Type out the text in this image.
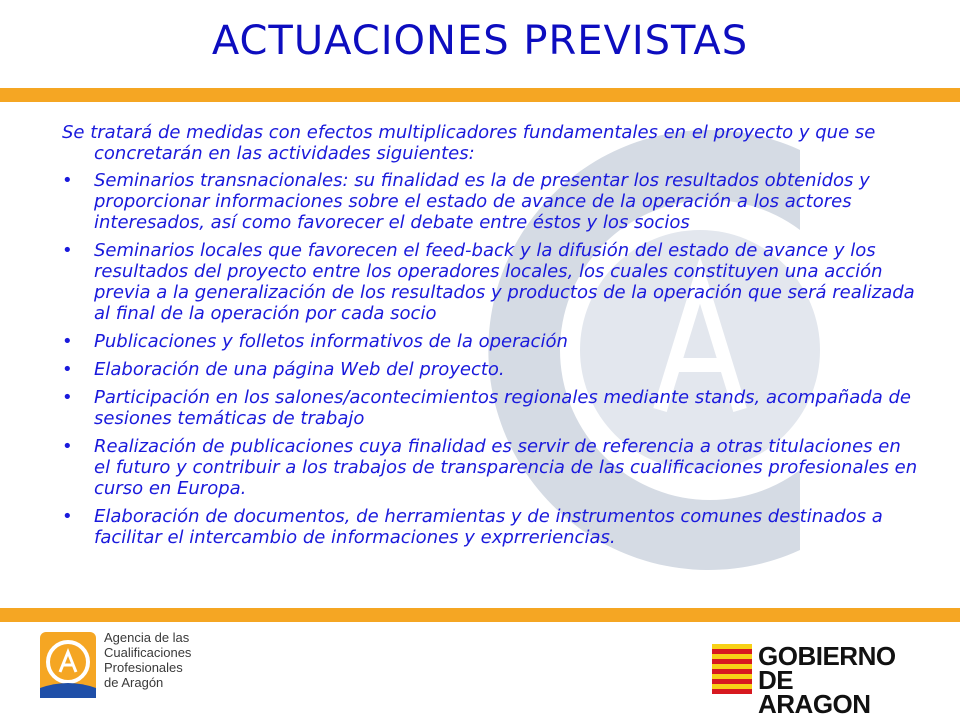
ACTUACIONES PREVISTAS

Se tratará de medidas con efectos multiplicadores fundamentales en el proyecto y que se concretarán en las actividades siguientes:

• Seminarios transnacionales: su finalidad es la de presentar los resultados obtenidos y proporcionar informaciones sobre el estado de avance de la operación a los actores interesados, así como favorecer el debate entre éstos y los socios
• Seminarios locales que favorecen el feed-back y la difusión del estado de avance y los resultados del proyecto entre los operadores locales, los cuales constituyen una acción previa a la generalización de los resultados y productos de la operación que será realizada al final de la operación por cada socio
• Publicaciones y folletos informativos de la operación
• Elaboración de una página Web del proyecto.
• Participación en los salones/acontecimientos regionales mediante stands, acompañada de sesiones temáticas de trabajo
• Realización de publicaciones cuya finalidad es servir de referencia a otras titulaciones en el futuro y contribuir a los trabajos de transparencia de las cualificaciones profesionales en curso en Europa.
• Elaboración de documentos, de herramientas y de instrumentos comunes destinados a facilitar el intercambio de informaciones y exprreriencias.
Agencia de las
Cualificaciones
Profesionales
de Aragón
GOBIERNO
DE ARAGON
